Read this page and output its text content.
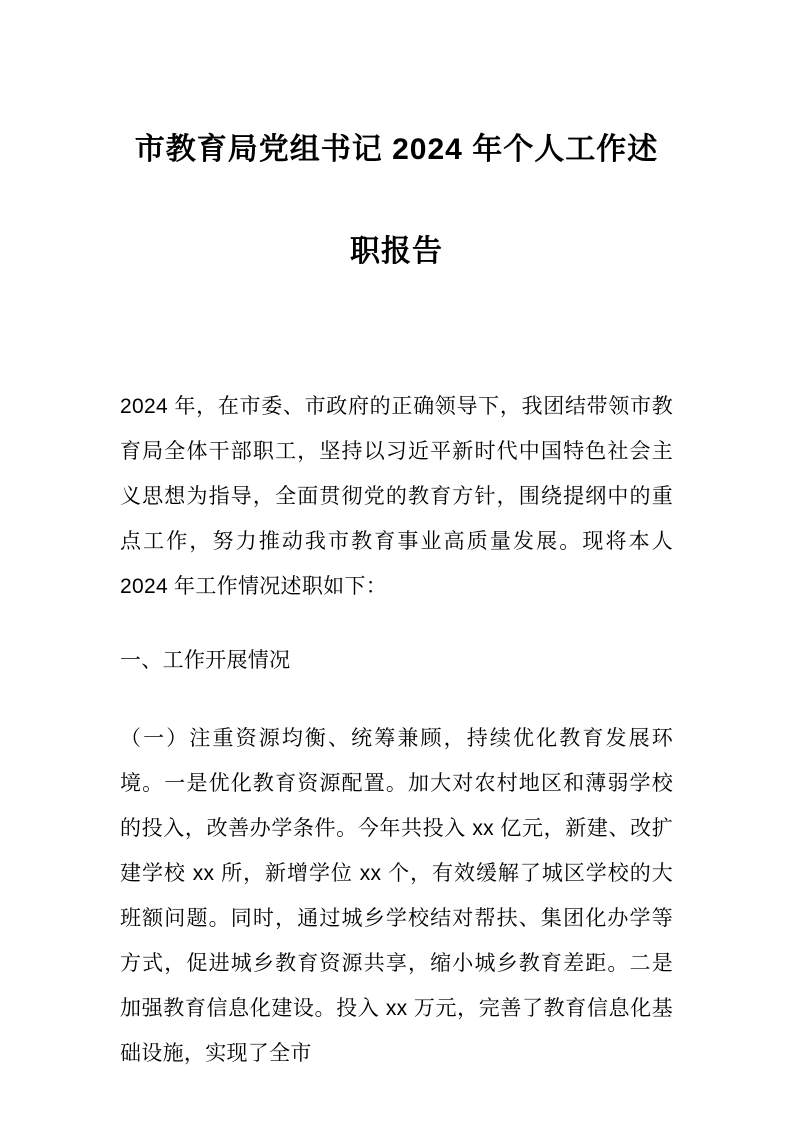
市教育局党组书记 2024 年个人工作述职报告

2024 年，在市委、市政府的正确领导下，我团结带领市教育局全体干部职工，坚持以习近平新时代中国特色社会主义思想为指导，全面贯彻党的教育方针，围绕提纲中的重点工作，努力推动我市教育事业高质量发展。现将本人 2024 年工作情况述职如下：

一、工作开展情况

（一）注重资源均衡、统筹兼顾，持续优化教育发展环境。一是优化教育资源配置。加大对农村地区和薄弱学校的投入，改善办学条件。今年共投入 xx 亿元，新建、改扩建学校 xx 所，新增学位 xx 个，有效缓解了城区学校的大班额问题。同时，通过城乡学校结对帮扶、集团化办学等方式，促进城乡教育资源共享，缩小城乡教育差距。二是加强教育信息化建设。投入 xx 万元，完善了教育信息化基础设施，实现了全市
